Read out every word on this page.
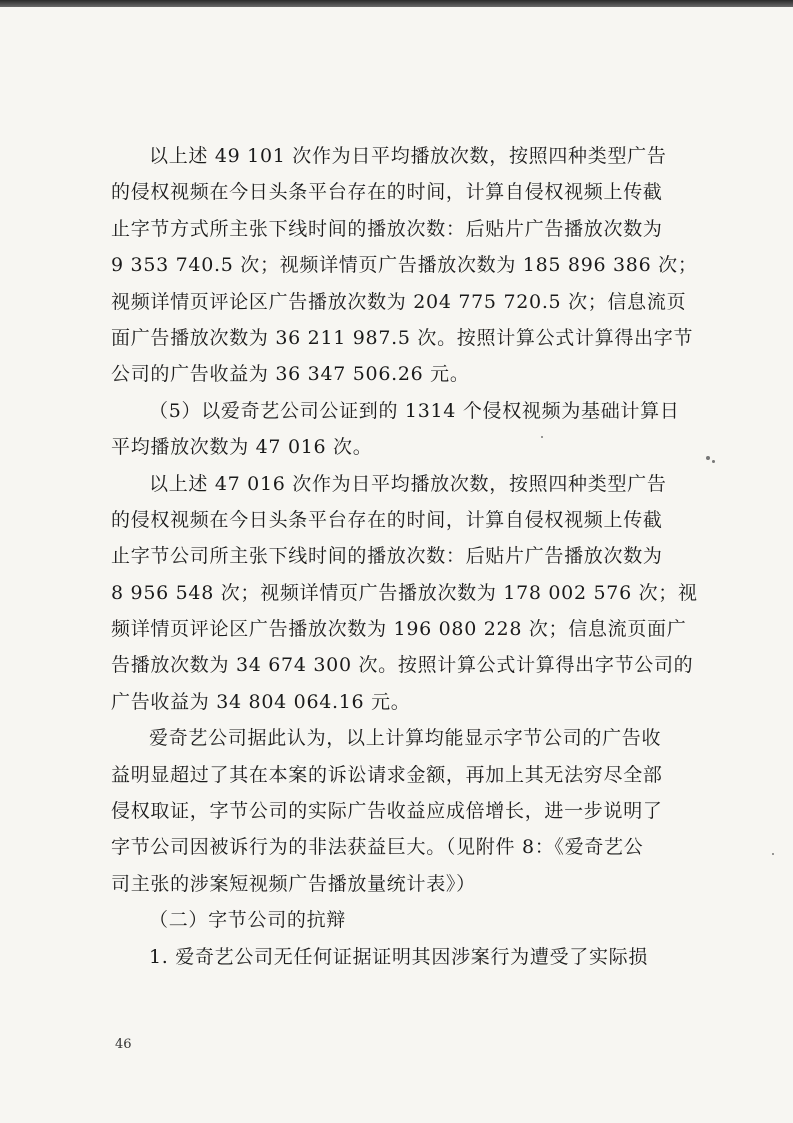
以上述 49 101 次作为日平均播放次数，按照四种类型广告

的侵权视频在今日头条平台存在的时间，计算自侵权视频上传截

止字节方式所主张下线时间的播放次数：后贴片广告播放次数为

9 353 740.5 次；视频详情页广告播放次数为 185 896 386 次；

视频详情页评论区广告播放次数为 204 775 720.5 次；信息流页

面广告播放次数为 36 211 987.5 次。按照计算公式计算得出字节

公司的广告收益为 36 347 506.26 元。

（5）以爱奇艺公司公证到的 1314 个侵权视频为基础计算日

平均播放次数为 47 016 次。

以上述 47 016 次作为日平均播放次数，按照四种类型广告

的侵权视频在今日头条平台存在的时间，计算自侵权视频上传截

止字节公司所主张下线时间的播放次数：后贴片广告播放次数为

8 956 548 次；视频详情页广告播放次数为 178 002 576 次；视

频详情页评论区广告播放次数为 196 080 228 次；信息流页面广

告播放次数为 34 674 300 次。按照计算公式计算得出字节公司的

广告收益为 34 804 064.16 元。

爱奇艺公司据此认为，以上计算均能显示字节公司的广告收

益明显超过了其在本案的诉讼请求金额，再加上其无法穷尽全部

侵权取证，字节公司的实际广告收益应成倍增长，进一步说明了

字节公司因被诉行为的非法获益巨大。（见附件 8：《爱奇艺公

司主张的涉案短视频广告播放量统计表》）

（二）字节公司的抗辩

1. 爱奇艺公司无任何证据证明其因涉案行为遭受了实际损

46
